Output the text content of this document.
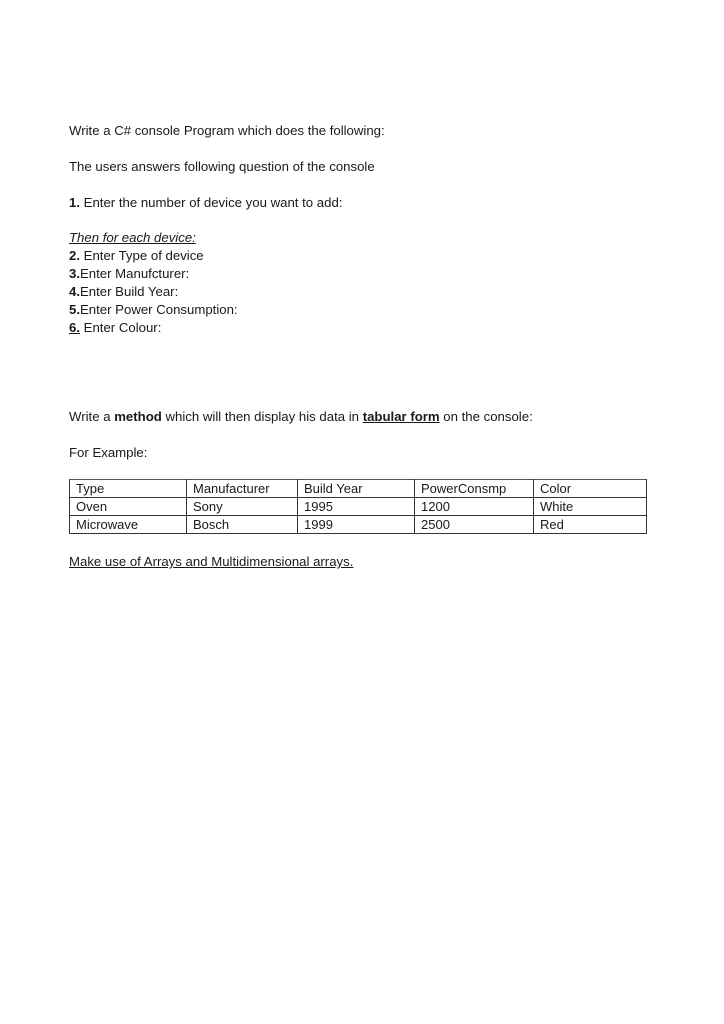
Write a C# console Program which does the following:
The users answers following question of the console
1. Enter the number of device you want to add:
Then for each device:
2. Enter Type of device
3.Enter Manufcturer:
4.Enter Build Year:
5.Enter Power Consumption:
6. Enter Colour:
Write a method which will then display his data in tabular form on the console:
For Example:
Type	Manufacturer	Build Year	PowerConsmp	Color
Oven	Sony	1995	1200	White
Microwave	Bosch	1999	2500	Red
Make use of Arrays and Multidimensional arrays.
